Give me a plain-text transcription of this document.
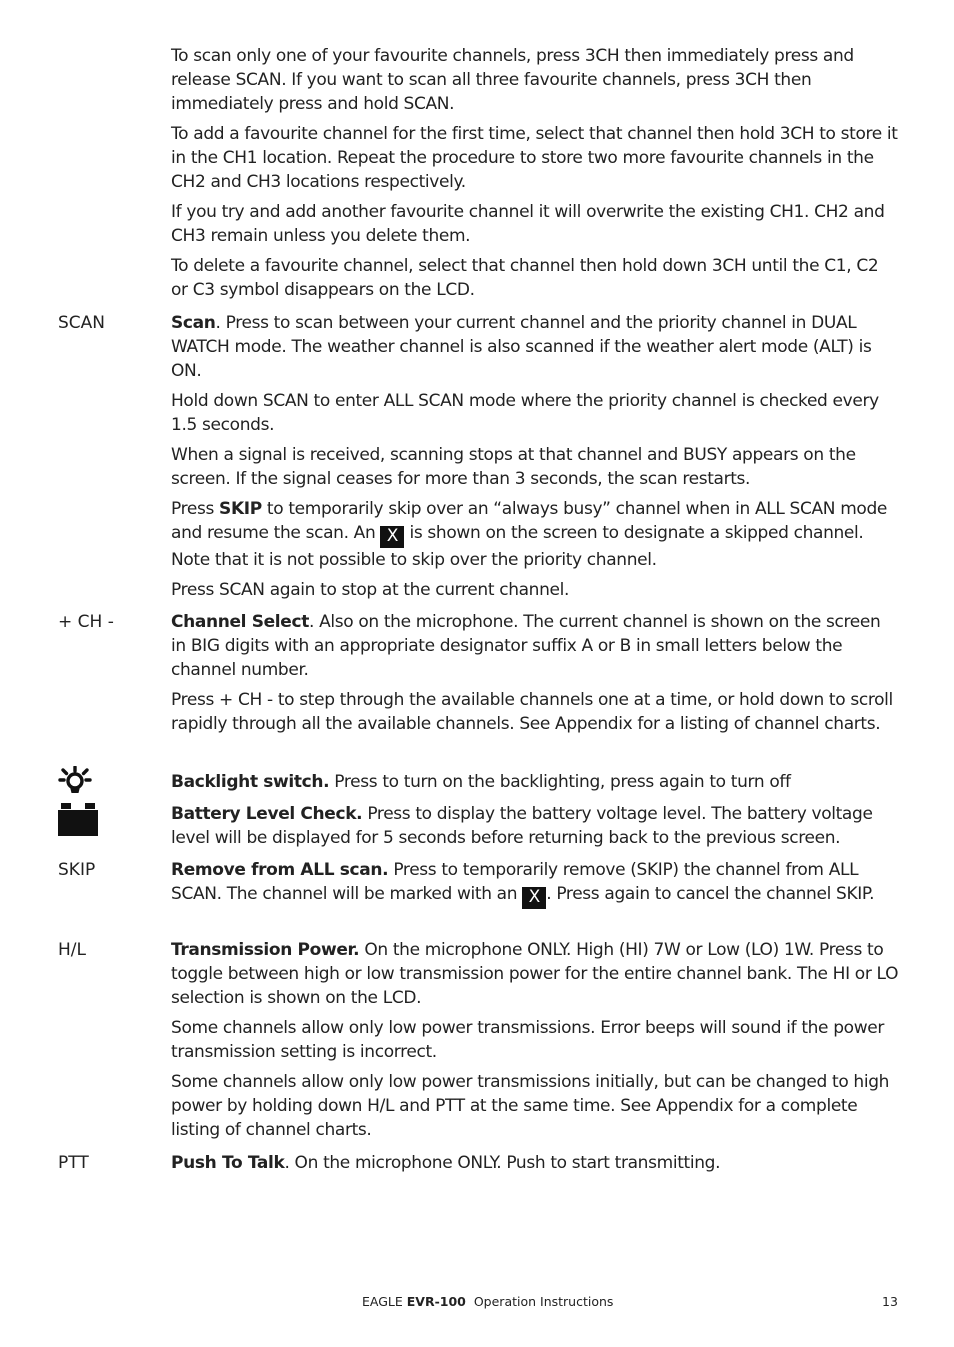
To scan only one of your favourite channels, press 3CH then immediately press and release SCAN. If you want to scan all three favourite channels, press 3CH then immediately press and hold SCAN.

To add a favourite channel for the first time, select that channel then hold 3CH to store it in the CH1 location. Repeat the procedure to store two more favourite channels in the CH2 and CH3 locations respectively.

If you try and add another favourite channel it will overwrite the existing CH1. CH2 and CH3 remain unless you delete them.

To delete a favourite channel, select that channel then hold down 3CH until the C1, C2 or C3 symbol disappears on the LCD.

SCAN	Scan. Press to scan between your current channel and the priority channel in DUAL WATCH mode. The weather channel is also scanned if the weather alert mode (ALT) is ON.

Hold down SCAN to enter ALL SCAN mode where the priority channel is checked every 1.5 seconds.

When a signal is received, scanning stops at that channel and BUSY appears on the screen. If the signal ceases for more than 3 seconds, the scan restarts.

Press SKIP to temporarily skip over an “always busy” channel when in ALL SCAN mode and resume the scan. An X is shown on the screen to designate a skipped channel. Note that it is not possible to skip over the priority channel.

Press SCAN again to stop at the current channel.

+ CH -	Channel Select. Also on the microphone. The current channel is shown on the screen in BIG digits with an appropriate designator suffix A or B in small letters below the channel number.

Press + CH - to step through the available channels one at a time, or hold down to scroll rapidly through all the available channels. See Appendix for a listing of channel charts.

Backlight switch. Press to turn on the backlighting, press again to turn off

Battery Level Check. Press to display the battery voltage level. The battery voltage level will be displayed for 5 seconds before returning back to the previous screen.

SKIP	Remove from ALL scan. Press to temporarily remove (SKIP) the channel from ALL SCAN. The channel will be marked with an X . Press again to cancel the channel SKIP.

H/L	Transmission Power. On the microphone ONLY. High (HI) 7W or Low (LO) 1W. Press to toggle between high or low transmission power for the entire channel bank. The HI or LO selection is shown on the LCD.

Some channels allow only low power transmissions. Error beeps will sound if the power transmission setting is incorrect.

Some channels allow only low power transmissions initially, but can be changed to high power by holding down H/L and PTT at the same time. See Appendix for a complete listing of channel charts.

PTT	Push To Talk. On the microphone ONLY. Push to start transmitting.

EAGLE EVR-100 Operation Instructions	13
